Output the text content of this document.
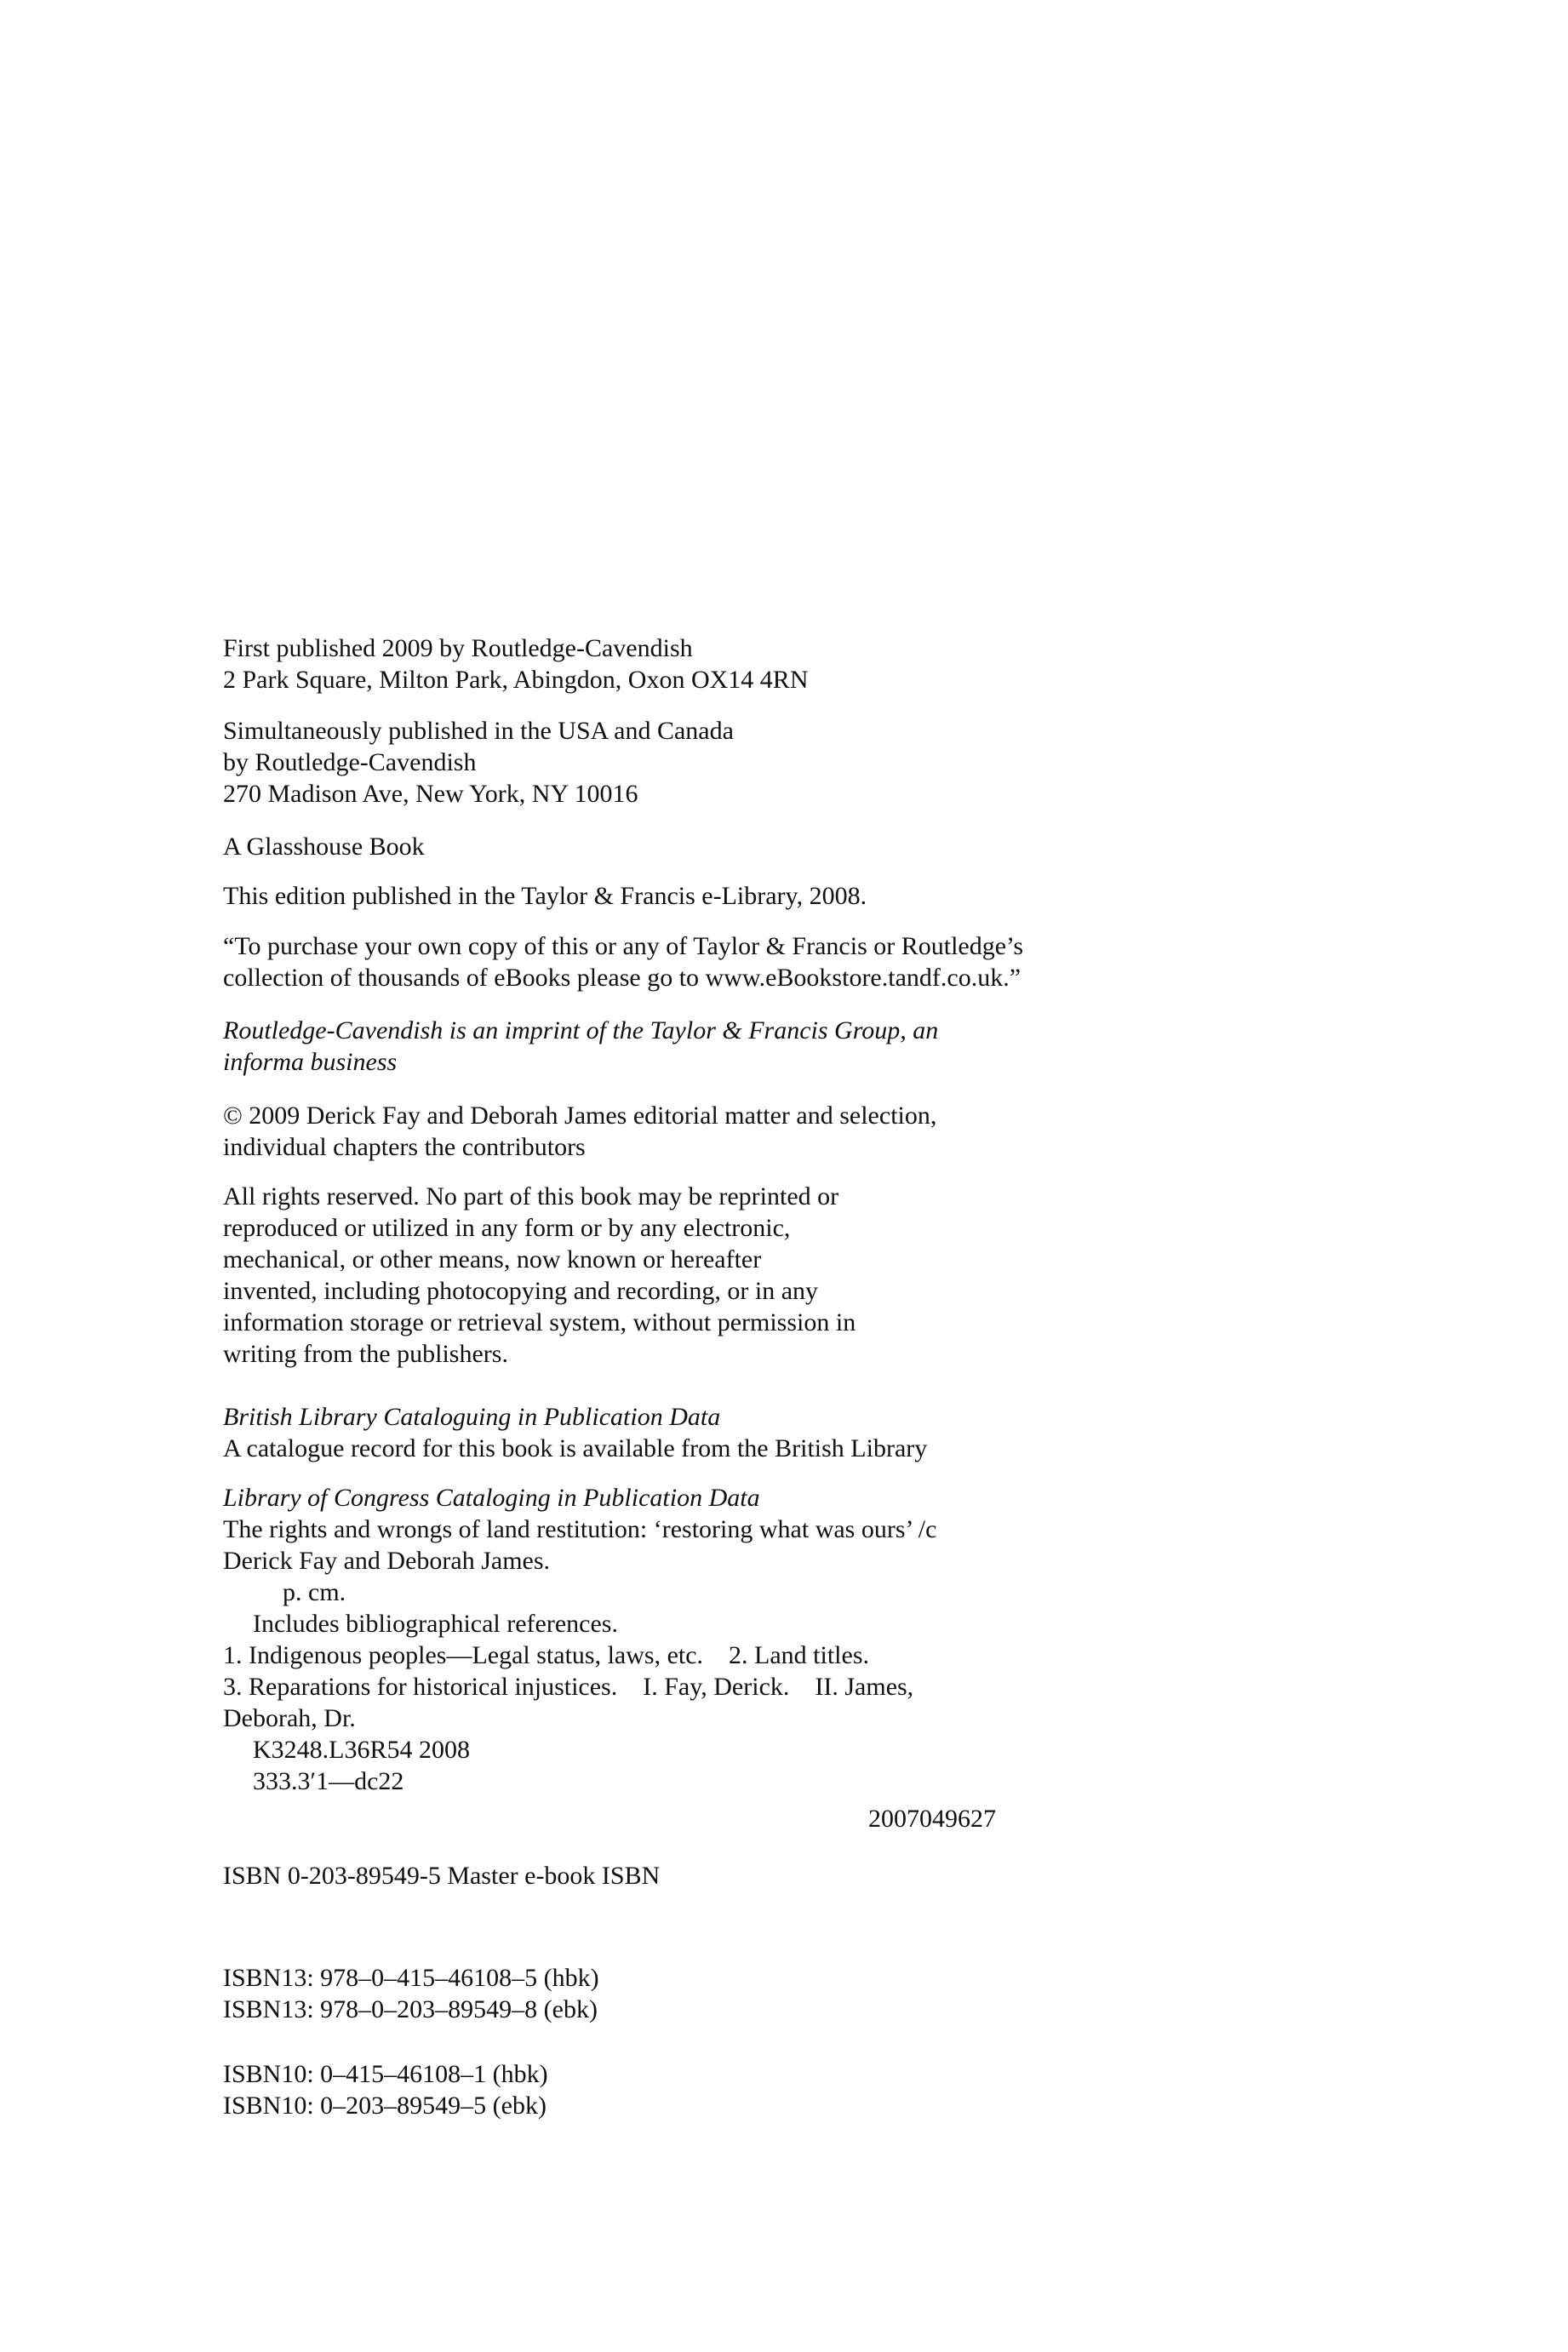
First published 2009 by Routledge-Cavendish
2 Park Square, Milton Park, Abingdon, Oxon OX14 4RN
Simultaneously published in the USA and Canada
by Routledge-Cavendish
270 Madison Ave, New York, NY 10016
A Glasshouse Book
This edition published in the Taylor & Francis e-Library, 2008.
“To purchase your own copy of this or any of Taylor & Francis or Routledge’s
collection of thousands of eBooks please go to www.eBookstore.tandf.co.uk.”
Routledge-Cavendish is an imprint of the Taylor & Francis Group, an
informa business
© 2009 Derick Fay and Deborah James editorial matter and selection,
individual chapters the contributors
All rights reserved. No part of this book may be reprinted or
reproduced or utilized in any form or by any electronic,
mechanical, or other means, now known or hereafter
invented, including photocopying and recording, or in any
information storage or retrieval system, without permission in
writing from the publishers.
British Library Cataloguing in Publication Data
A catalogue record for this book is available from the British Library
Library of Congress Cataloging in Publication Data
The rights and wrongs of land restitution: ‘restoring what was ours’ /c
Derick Fay and Deborah James.
p. cm.
Includes bibliographical references.
1. Indigenous peoples—Legal status, laws, etc.    2. Land titles.
3. Reparations for historical injustices.    I. Fay, Derick.    II. James,
Deborah, Dr.
K3248.L36R54 2008
333.3′1—dc22
2007049627
ISBN 0-203-89549-5 Master e-book ISBN
ISBN13: 978–0–415–46108–5 (hbk)
ISBN13: 978–0–203–89549–8 (ebk)
ISBN10: 0–415–46108–1 (hbk)
ISBN10: 0–203–89549–5 (ebk)
